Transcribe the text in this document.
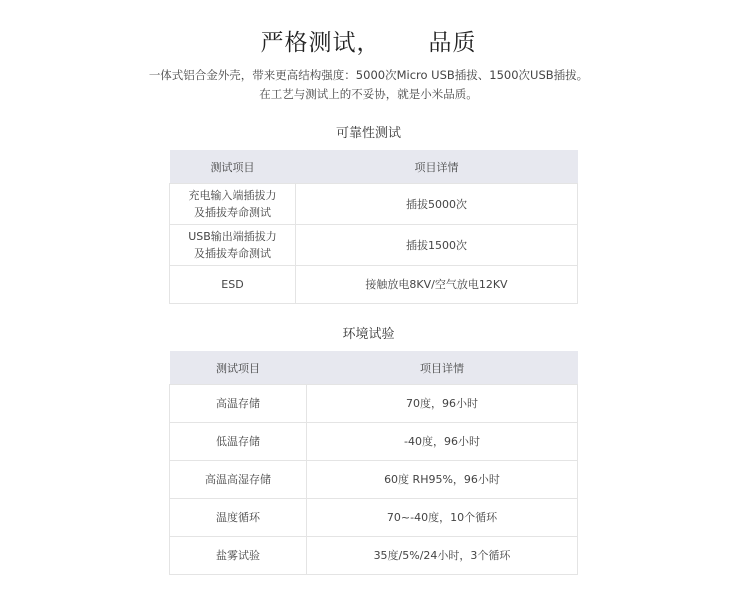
严格测试， 品质
一体式铝合金外壳，带来更高结构强度：5000次Micro USB插拔、1500次USB插拔。
在工艺与测试上的不妥协，就是小米品质。
可靠性测试
测试项目	项目详情

充电输入端插拔力
及插拔寿命测试	插拔5000次

USB输出端插拔力
及插拔寿命测试	插拔1500次
ESD	接触放电8KV/空气放电12KV
环境试验
测试项目	项目详情
高温存储	70度，96小时
低温存储	-40度，96小时
高温高湿存储	60度 RH95%，96小时
温度循环	70~-40度，10个循环
盐雾试验	35度/5%/24小时，3个循环
